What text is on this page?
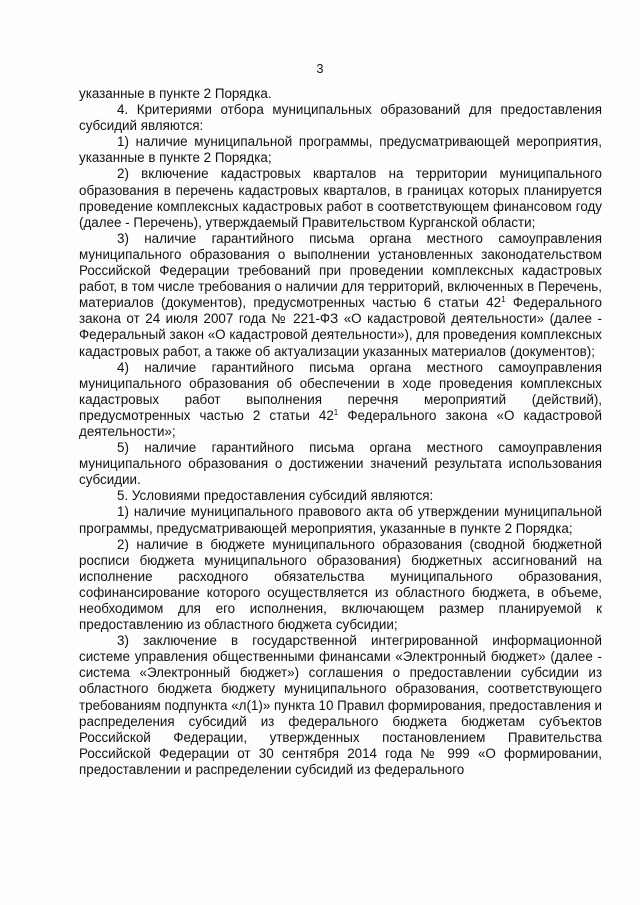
3

указанные в пункте 2 Порядка.

4. Критериями отбора муниципальных образований для предоставления субсидий являются:

1) наличие муниципальной программы, предусматривающей мероприятия, указанные в пункте 2 Порядка;

2) включение кадастровых кварталов на территории муниципального образования в перечень кадастровых кварталов, в границах которых планируется проведение комплексных кадастровых работ в соответствующем финансовом году (далее - Перечень), утверждаемый Правительством Курганской области;

3) наличие гарантийного письма органа местного самоуправления муниципального образования о выполнении установленных законодательством Российской Федерации требований при проведении комплексных кадастровых работ, в том числе требования о наличии для территорий, включенных в Перечень, материалов (документов), предусмотренных частью 6 статьи $42^1$ Федерального закона от 24 июля 2007 года № 221-ФЗ «О кадастровой деятельности» (далее - Федеральный закон «О кадастровой деятельности»), для проведения комплексных кадастровых работ, а также об актуализации указанных материалов (документов);

4) наличие гарантийного письма органа местного самоуправления муниципального образования об обеспечении в ходе проведения комплексных кадастровых работ выполнения перечня мероприятий (действий), предусмотренных частью 2 статьи $42^1$ Федерального закона «О кадастровой деятельности»;

5) наличие гарантийного письма органа местного самоуправления муниципального образования о достижении значений результата использования субсидии.

5. Условиями предоставления субсидий являются:

1) наличие муниципального правового акта об утверждении муниципальной программы, предусматривающей мероприятия, указанные в пункте 2 Порядка;

2) наличие в бюджете муниципального образования (сводной бюджетной росписи бюджета муниципального образования) бюджетных ассигнований на исполнение расходного обязательства муниципального образования, софинансирование которого осуществляется из областного бюджета, в объеме, необходимом для его исполнения, включающем размер планируемой к предоставлению из областного бюджета субсидии;

3) заключение в государственной интегрированной информационной системе управления общественными финансами «Электронный бюджет» (далее - система «Электронный бюджет») соглашения о предоставлении субсидии из областного бюджета бюджету муниципального образования, соответствующего требованиям подпункта «л(1)» пункта 10 Правил формирования, предоставления и распределения субсидий из федерального бюджета бюджетам субъектов Российской Федерации, утвержденных постановлением Правительства Российской Федерации от 30 сентября 2014 года № 999 «О формировании, предоставлении и распределении субсидий из федерального
